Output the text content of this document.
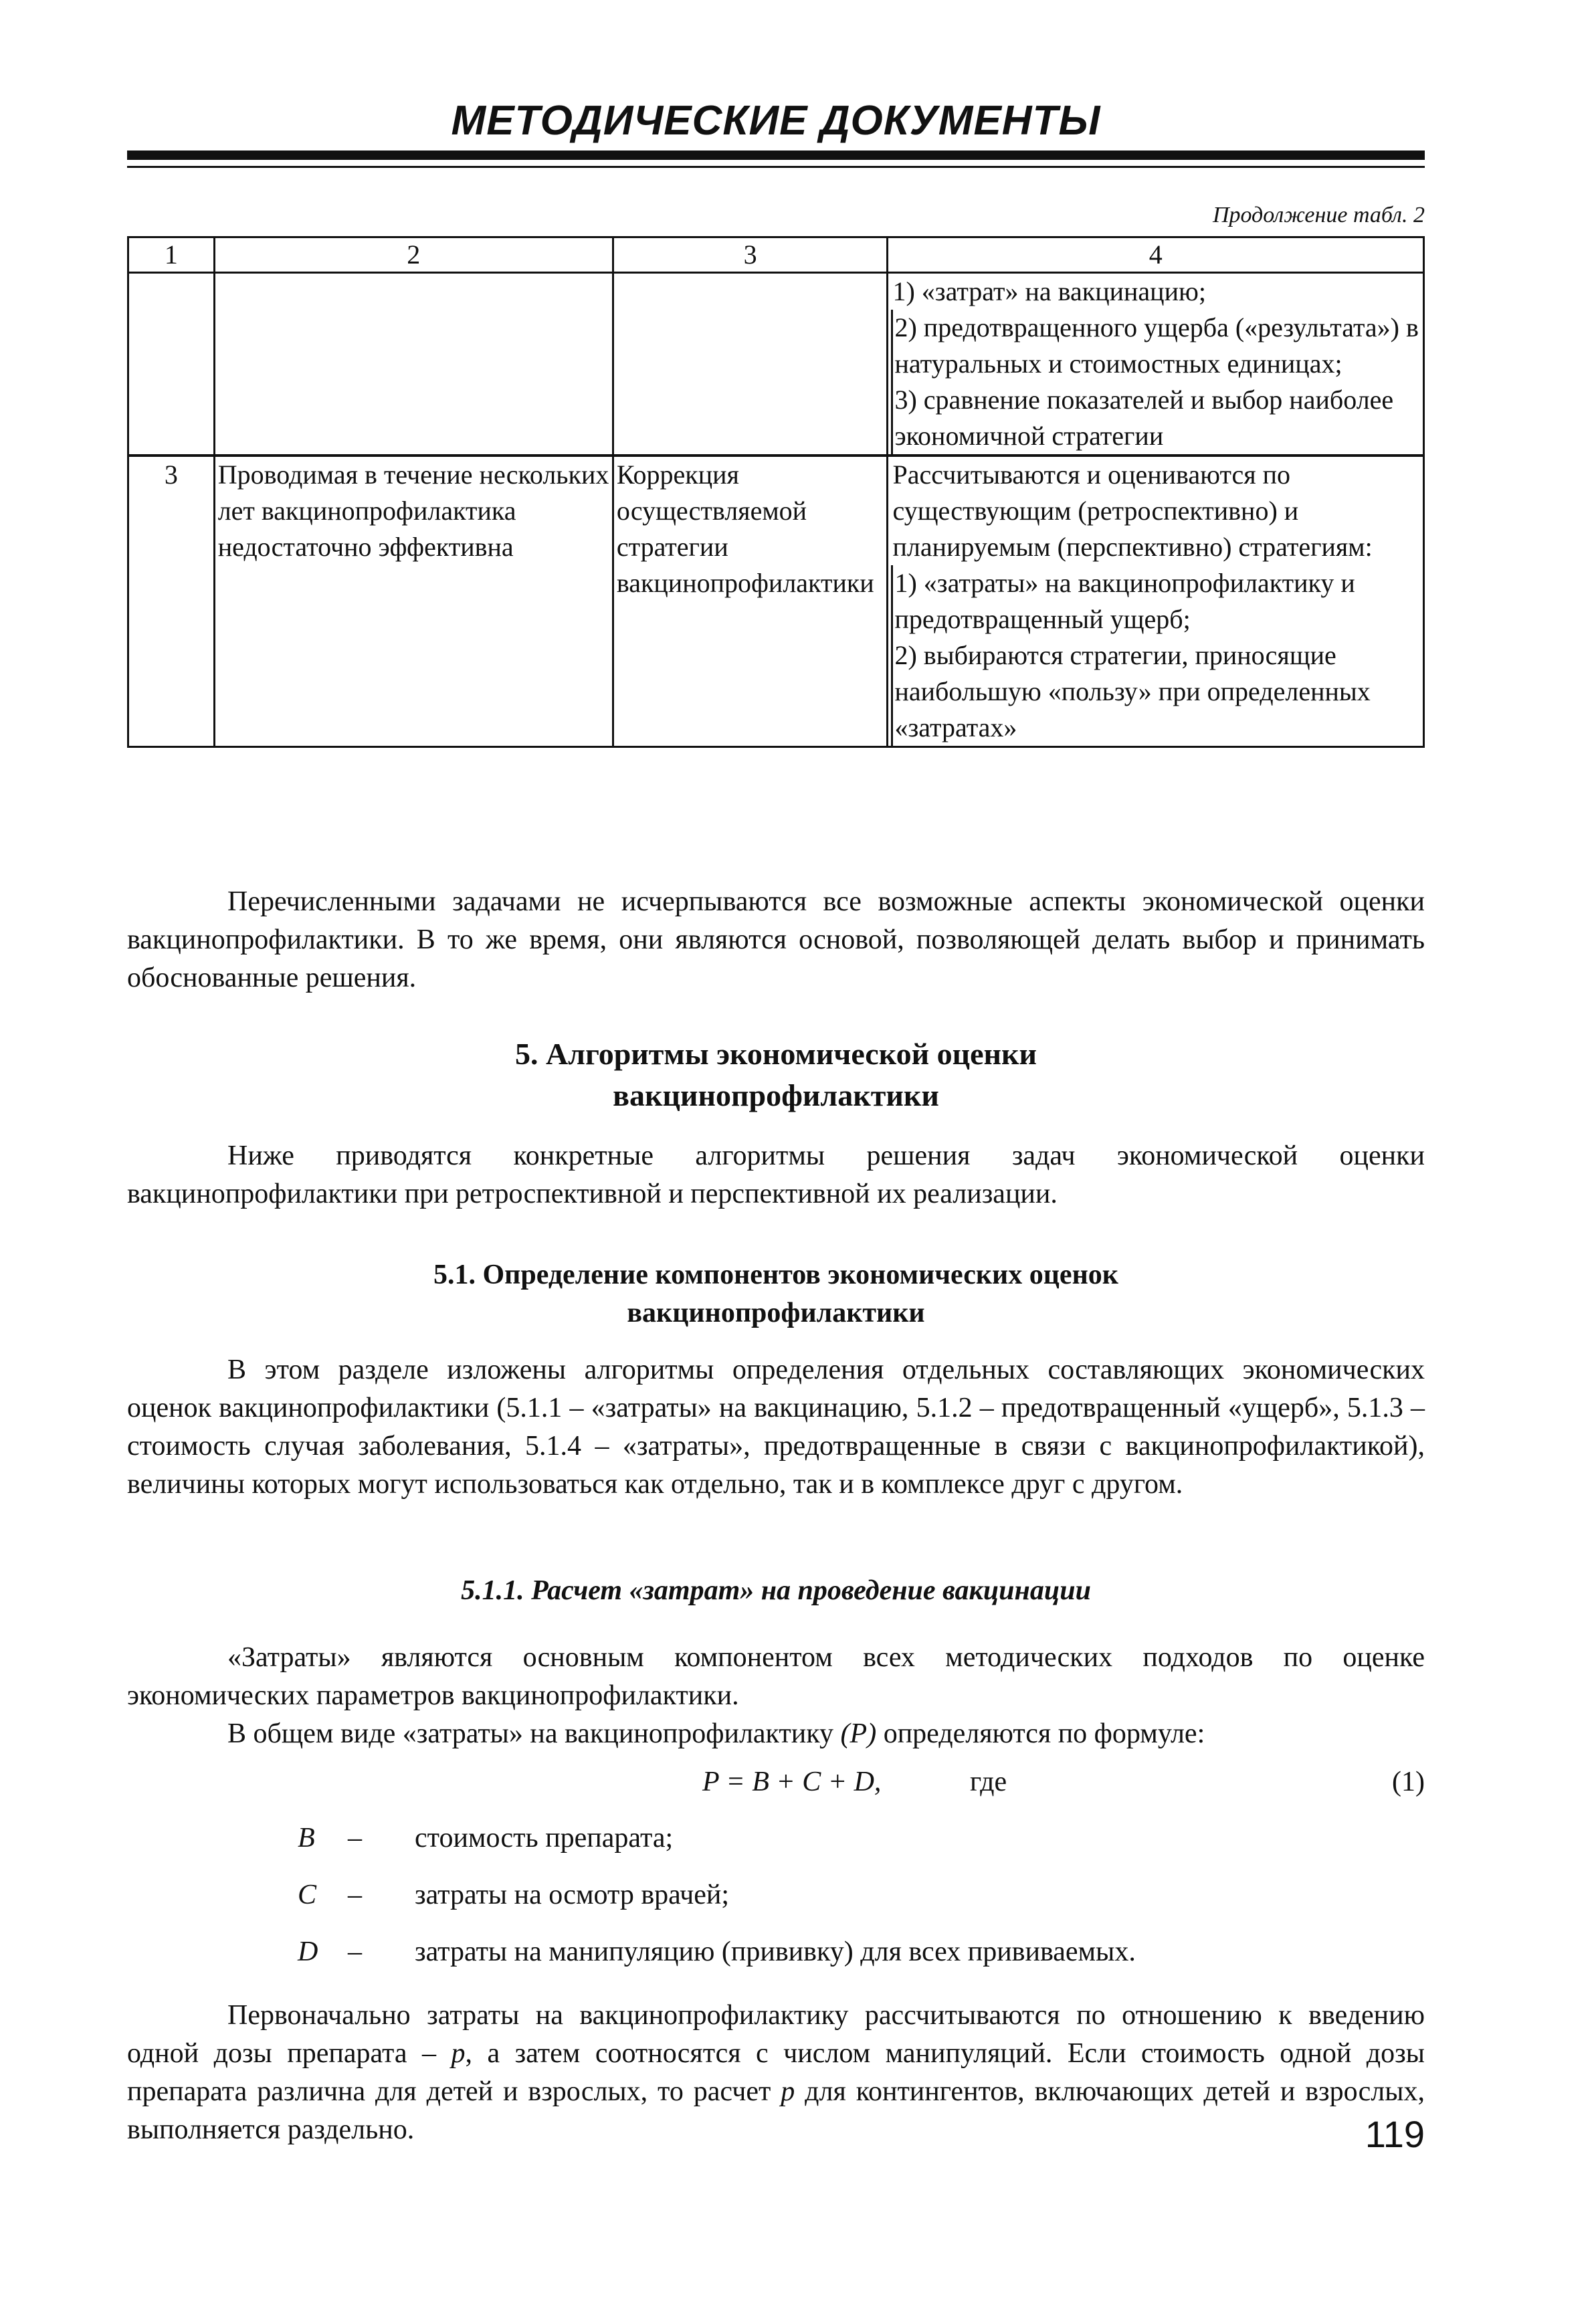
МЕТОДИЧЕСКИЕ ДОКУМЕНТЫ
Продолжение табл. 2
1	2	3	4

			1) «затрат» на вакцинацию;
2) предотвращенного ущерба («результата») в натуральных и стоимостных единицах;
3) сравнение показателей и выбор наиболее экономичной стратегии

3	Проводимая в течение нескольких лет вакцинопрофилактика недостаточно эффективна	Коррекция осуществляемой стратегии вакцинопрофилактики	Рассчитываются и оцениваются по существующим (ретроспективно) и планируемым (перспективно) стратегиям:
1) «затраты» на вакцинопрофилактику и предотвращенный ущерб;
2) выбираются стратегии, приносящие наибольшую «пользу» при определенных «затратах»

Перечисленными задачами не исчерпываются все возможные аспекты экономической оценки вакцинопрофилактики. В то же время, они являются основой, позволяющей делать выбор и принимать обоснованные решения.

5. Алгоритмы экономической оценки
вакцинопрофилактики

Ниже приводятся конкретные алгоритмы решения задач экономической оценки вакцинопрофилактики при ретроспективной и перспективной их реализации.

5.1. Определение компонентов экономических оценок
вакцинопрофилактики

В этом разделе изложены алгоритмы определения отдельных составляющих экономических оценок вакцинопрофилактики (5.1.1 – «затраты» на вакцинацию, 5.1.2 – предотвращенный «ущерб», 5.1.3 – стоимость случая заболевания, 5.1.4 – «затраты», предотвращенные в связи с вакцинопрофилактикой), величины которых могут использоваться как отдельно, так и в комплексе друг с другом.

5.1.1. Расчет «затрат» на проведение вакцинации

«Затраты» являются основным компонентом всех методических подходов по оценке экономических параметров вакцинопрофилактики.

В общем виде «затраты» на вакцинопрофилактику (P) определяются по формуле:

P = B + C + D,	где	(1)
B – стоимость препарата;
C – затраты на осмотр врачей;
D – затраты на манипуляцию (прививку) для всех прививаемых.

Первоначально затраты на вакцинопрофилактику рассчитываются по отношению к введению одной дозы препарата – p, а затем соотносятся с числом манипуляций. Если стоимость одной дозы препарата различна для детей и взрослых, то расчет p для контингентов, включающих детей и взрослых, выполняется раздельно.	119
